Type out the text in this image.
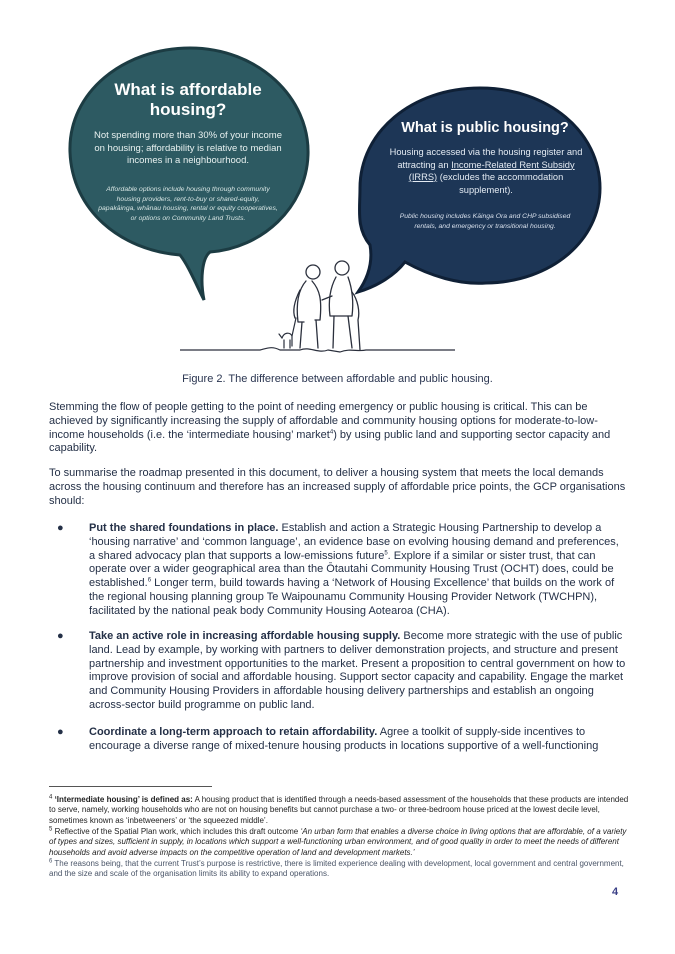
What is affordable housing?
Not spending more than 30% of your income on housing; affordability is relative to median incomes in a neighbourhood.
Affordable options include housing through community housing providers, rent-to-buy or shared-equity, papakāinga, whānau housing, rental or equity cooperatives, or options on Community Land Trusts.
What is public housing?
Housing accessed via the housing register and attracting an Income-Related Rent Subsidy (IRRS) (excludes the accommodation supplement).
Public housing includes Kāinga Ora and CHP subsidised rentals, and emergency or transitional housing.
Figure 2. The difference between affordable and public housing.

Stemming the flow of people getting to the point of needing emergency or public housing is critical. This can be achieved by significantly increasing the supply of affordable and community housing options for moderate-to-low-income households (i.e. the ‘intermediate housing’ market$^4$) by using public land and supporting sector capacity and capability.

To summarise the roadmap presented in this document, to deliver a housing system that meets the local demands across the housing continuum and therefore has an increased supply of affordable price points, the GCP organisations should:

● Put the shared foundations in place. Establish and action a Strategic Housing Partnership to develop a ‘housing narrative’ and ‘common language’, an evidence base on evolving housing demand and preferences, a shared advocacy plan that supports a low-emissions future$^5$. Explore if a similar or sister trust, that can operate over a wider geographical area than the Ōtautahi Community Housing Trust (OCHT) does, could be established.$^6$ Longer term, build towards having a ‘Network of Housing Excellence’ that builds on the work of the regional housing planning group Te Waipounamu Community Housing Provider Network (TWCHPN), facilitated by the national peak body Community Housing Aotearoa (CHA).

● Take an active role in increasing affordable housing supply. Become more strategic with the use of public land. Lead by example, by working with partners to deliver demonstration projects, and structure and present partnership and investment opportunities to the market. Present a proposition to central government on how to improve provision of social and affordable housing. Support sector capacity and capability. Engage the market and Community Housing Providers in affordable housing delivery partnerships and establish an ongoing across-sector build programme on public land.

● Coordinate a long-term approach to retain affordability. Agree a toolkit of supply-side incentives to encourage a diverse range of mixed-tenure housing products in locations supportive of a well-functioning

$^4$ ‘Intermediate housing’ is defined as: A housing product that is identified through a needs-based assessment of the households that these products are intended to serve, namely, working households who are not on housing benefits but cannot purchase a two- or three-bedroom house priced at the lowest decile level, sometimes known as ‘inbetweeners’ or ‘the squeezed middle’.

$^5$ Reflective of the Spatial Plan work, which includes this draft outcome ‘An urban form that enables a diverse choice in living options that are affordable, of a variety of types and sizes, sufficient in supply, in locations which support a well-functioning urban environment, and of good quality in order to meet the needs of different households and avoid adverse impacts on the competitive operation of land and development markets.’

$^6$ The reasons being, that the current Trust’s purpose is restrictive, there is limited experience dealing with development, local government and central government, and the size and scale of the organisation limits its ability to expand operations.

4
